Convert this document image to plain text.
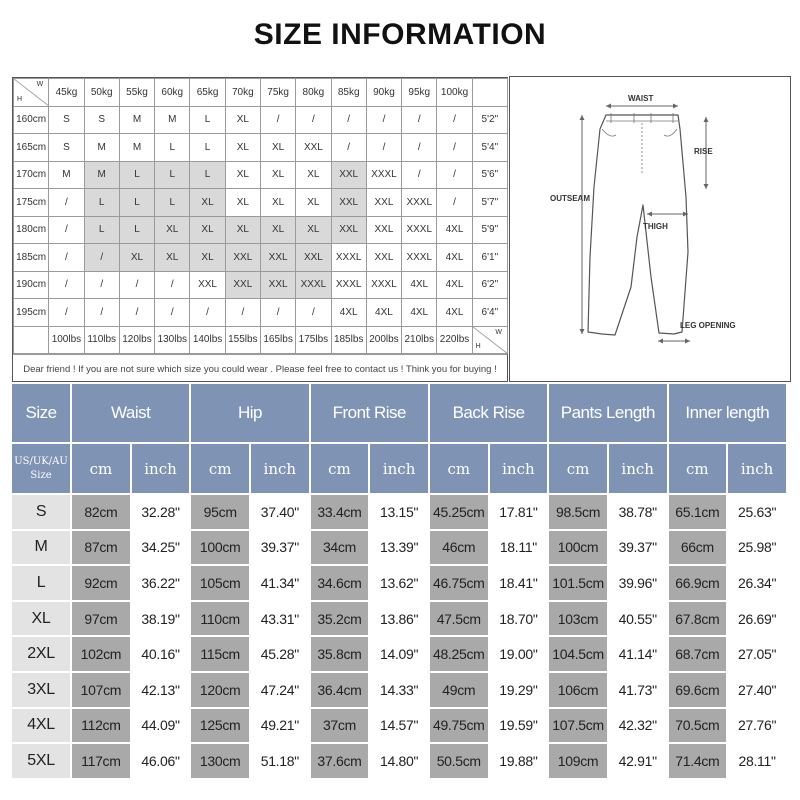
SIZE INFORMATION
H
W	45kg	50kg	55kg	60kg	65kg	70kg	75kg	80kg	85kg	90kg	95kg	100kg	
160cm	S	S	M	M	L	XL	/	/	/	/	/	/	5'2"
165cm	S	M	M	L	L	XL	XL	XXL	/	/	/	/	5'4"
170cm	M	M	L	L	L	XL	XL	XL	XXL	XXXL	/	/	5'6"
175cm	/	L	L	L	XL	XL	XL	XL	XXL	XXL	XXXL	/	5'7"
180cm	/	L	L	XL	XL	XL	XL	XL	XXL	XXL	XXXL	4XL	5'9"
185cm	/	/	XL	XL	XL	XXL	XXL	XXL	XXXL	XXL	XXXL	4XL	6'1"
190cm	/	/	/	/	XXL	XXL	XXL	XXXL	XXXL	XXXL	4XL	4XL	6'2"
195cm	/	/	/	/	/	/	/	/	4XL	4XL	4XL	4XL	6'4"
	100lbs	110lbs	120lbs	130lbs	140lbs	155lbs	165lbs	175lbs	185lbs	200lbs	210lbs	220lbs	H
W
Dear friend ! If you are not sure which size you could wear . Please feel free to contact us ! Think you for buying !
WAIST
RISE
OUTSEAM
THIGH
LEG OPENING
Size	Waist		Hip		Front Rise		Back Rise		Pants Length		Inner length	

US/UK/AU
Size	cm	inch	cm	inch	cm	inch	cm	inch	cm	inch	cm	inch
S	82cm	32.28"	95cm	37.40"	33.4cm	13.15"	45.25cm	17.81"	98.5cm	38.78"	65.1cm	25.63"
M	87cm	34.25"	100cm	39.37"	34cm	13.39"	46cm	18.11"	100cm	39.37"	66cm	25.98"
L	92cm	36.22"	105cm	41.34"	34.6cm	13.62"	46.75cm	18.41"	101.5cm	39.96"	66.9cm	26.34"
XL	97cm	38.19"	110cm	43.31"	35.2cm	13.86"	47.5cm	18.70"	103cm	40.55"	67.8cm	26.69"
2XL	102cm	40.16"	115cm	45.28"	35.8cm	14.09"	48.25cm	19.00"	104.5cm	41.14"	68.7cm	27.05"
3XL	107cm	42.13"	120cm	47.24"	36.4cm	14.33"	49cm	19.29"	106cm	41.73"	69.6cm	27.40"
4XL	112cm	44.09"	125cm	49.21"	37cm	14.57"	49.75cm	19.59"	107.5cm	42.32"	70.5cm	27.76"
5XL	117cm	46.06"	130cm	51.18"	37.6cm	14.80"	50.5cm	19.88"	109cm	42.91"	71.4cm	28.11"
